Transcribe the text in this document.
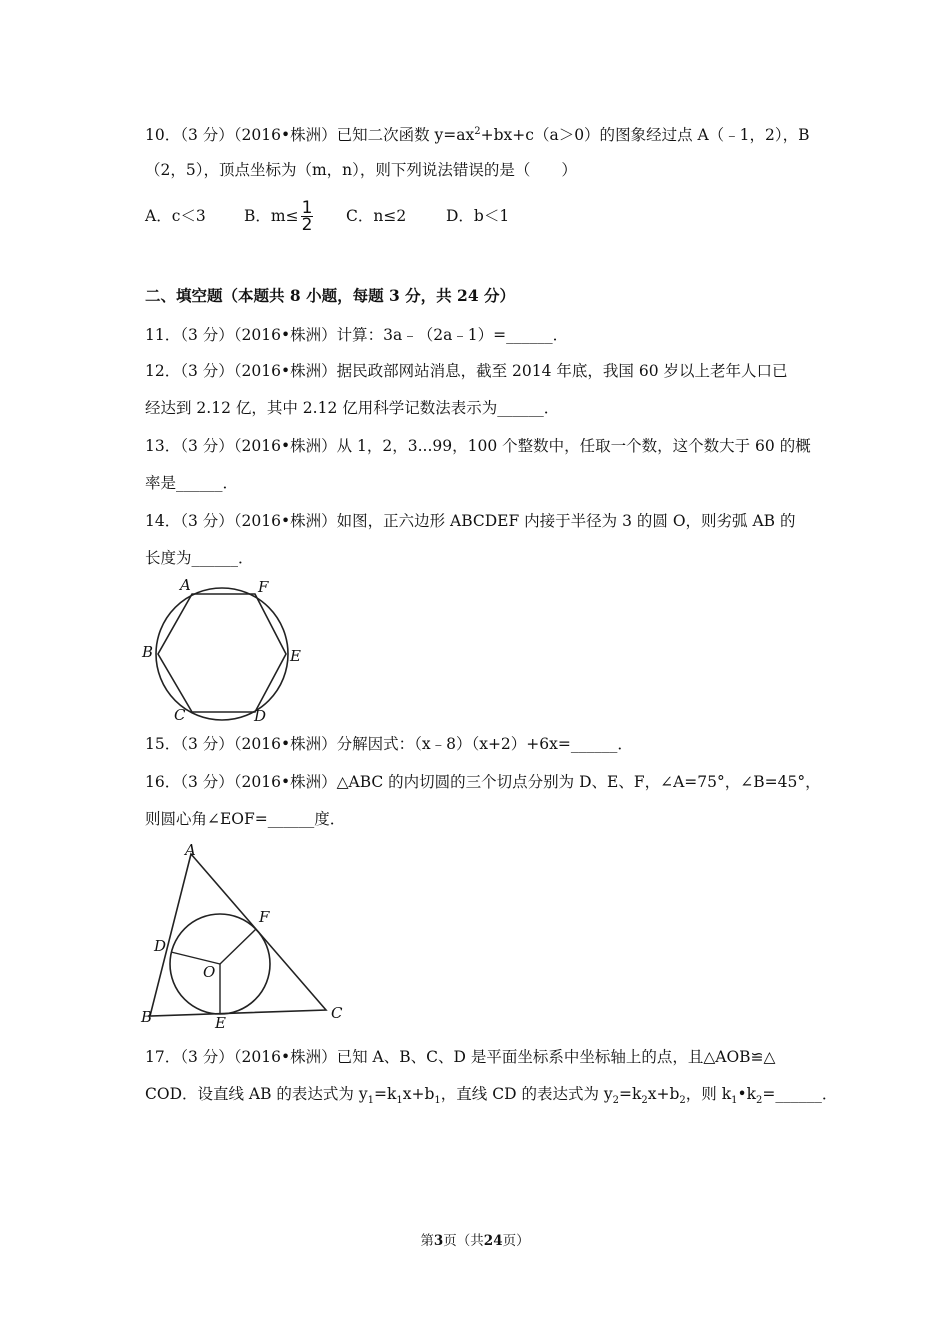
10．（3 分）（2016•株洲）已知二次函数 $y=ax^2+bx+c(a>0)$的图象经过点 A（﹣1，2），B
（2，5），顶点坐标为（m，n），则下列说法错误的是（　　）
A．c＜3 B．$m\le \frac{1}{2}$ C．n≤2	D．b＜1
二、填空题（本题共 8 小题，每题 3 分，共 24 分）
11．（3 分）（2016•株洲）计算：3a﹣（2a﹣1）=______．
12．（3 分）（2016•株洲）据民政部网站消息，截至 2014 年底，我国 60 岁以上老年人口已
经达到 2.12 亿，其中 2.12 亿用科学记数法表示为______．
13．（3 分）（2016•株洲）从 1，2，3...99，100 个整数中，任取一个数，这个数大于 60 的概
率是______．
14．（3 分）（2016•株洲）如图，正六边形 ABCDEF 内接于半径为 3 的圆 O，则劣弧 AB 的
长度为______．
A	F
B	E
C	D
15．（3 分）（2016•株洲）分解因式：（x﹣8）（x+2）+6x=______．
16．（3 分）（2016•株洲）△ABC 的内切圆的三个切点分别为 D、E、F，∠A=75°，∠B=45°，
则圆心角∠EOF=______度．
A
F
D
O
B	E
C
17．（3 分）（2016•株洲）已知 A、B、C、D 是平面坐标系中坐标轴上的点，且△AOB≌△
COD．设直线 AB 的表达式为 $y_1=k_1x+b_1$，直线 CD 的表达式为 $y_2=k_2x+b_2$，则 $k_1•k_2=\_\_\_\_\_\_$．
第3页（共24页）
